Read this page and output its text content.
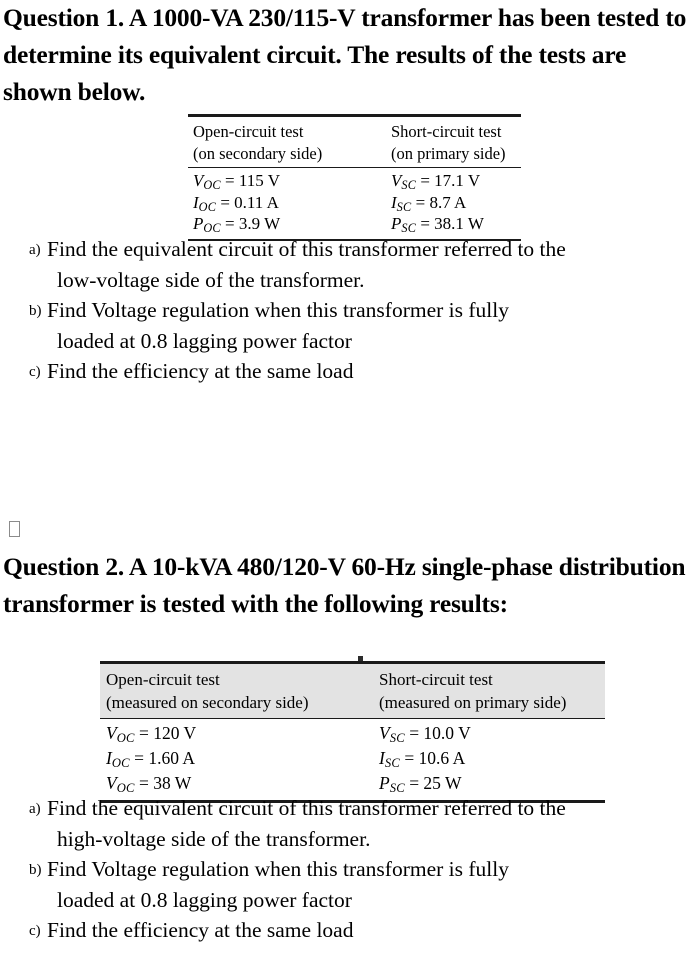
Question 1. A 1000-VA 230/115-V transformer has been tested to determine its equivalent circuit. The results of the tests are shown below.
Open-circuit test
(on secondary side)
Short-circuit test
(on primary side)
$V_{OC} = 115$ V
$I_{OC} = 0.11$ A
$P_{OC} = 3.9$ W
$V_{SC} = 17.1$ V
$I_{SC} = 8.7$ A
$P_{SC} = 38.1$ W
a) Find the equivalent circuit of this transformer referred to the
low-voltage side of the transformer.
b) Find Voltage regulation when this transformer is fully
loaded at 0.8 lagging power factor
c) Find the efficiency at the same load
Question 2. A 10-kVA 480/120-V 60-Hz single-phase distribution transformer is tested with the following results:
Open-circuit test
(measured on secondary side)
Short-circuit test
(measured on primary side)
$V_{OC} = 120$ V
$I_{OC} = 1.60$ A
$V_{OC} = 38$ W
$V_{SC} = 10.0$ V
$I_{SC} = 10.6$ A
$P_{SC} = 25$ W
a) Find the equivalent circuit of this transformer referred to the
high-voltage side of the transformer.
b) Find Voltage regulation when this transformer is fully
loaded at 0.8 lagging power factor
c) Find the efficiency at the same load
